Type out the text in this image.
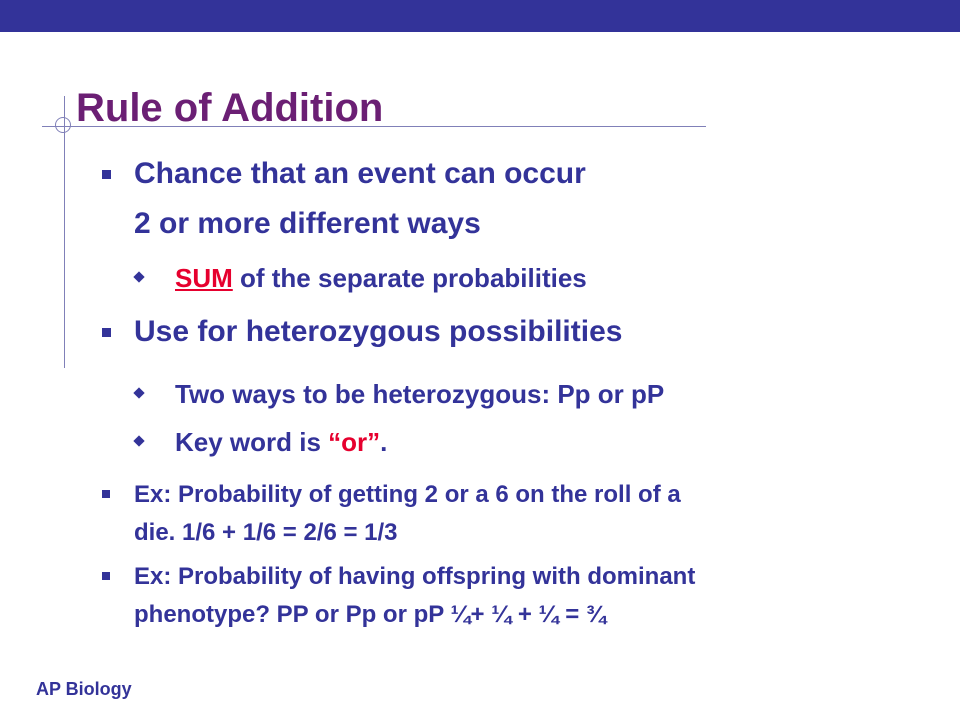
Rule of Addition
Chance that an event can occur
2 or more different ways
SUM of the separate probabilities
Use for heterozygous possibilities
Two ways to be heterozygous: Pp or pP
Key word is “or”.
Ex: Probability of getting 2 or a 6 on the roll of a
die. 1/6 + 1/6 = 2/6 = 1/3
Ex: Probability of having offspring with dominant
phenotype? PP or Pp or pP ¼+ ¼ + ¼ = ¾
AP Biology
